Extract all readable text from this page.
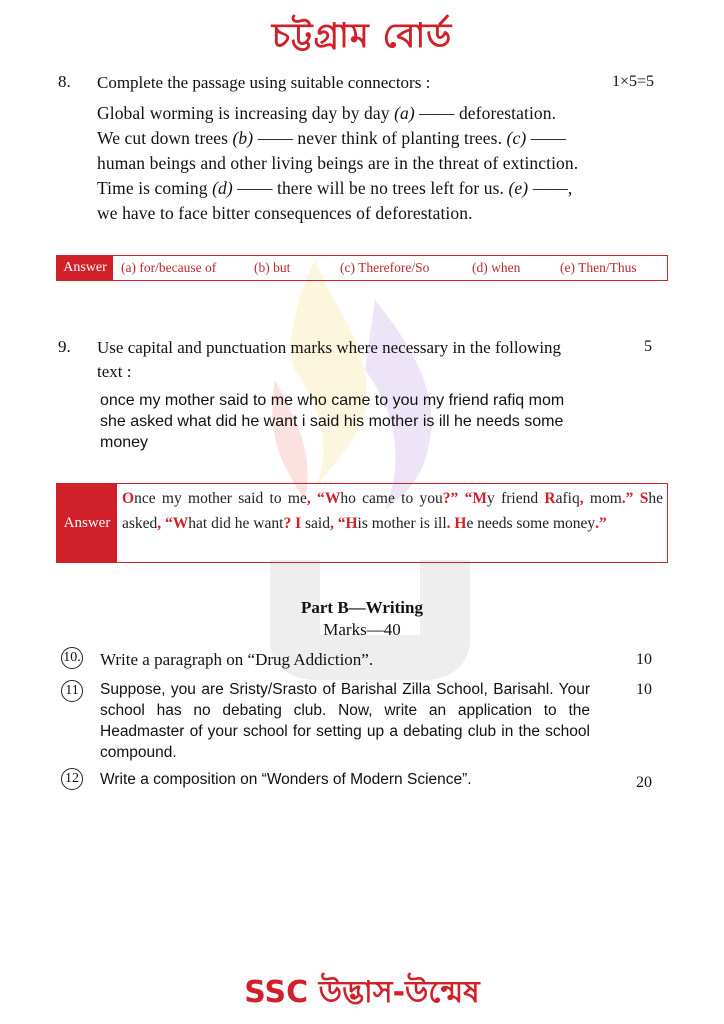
চট্টগ্রাম বোর্ড
8. Complete the passage using suitable connectors :	1×5=5
Global worming is increasing day by day (a) —— deforestation.
We cut down trees (b) —— never think of planting trees. (c) ——
human beings and other living beings are in the threat of extinction.
Time is coming (d) —— there will be no trees left for us. (e) ——,
we have to face bitter consequences of deforestation.
Answer	(a) for/because of	(b) but	(c) Therefore/So	(d) when	(e) Then/Thus
9. Use capital and punctuation marks where necessary in the following
text :
5
once my mother said to me who came to you my friend rafiq mom
she asked what did he want i said his mother is ill he needs some
money
Answer
Once my mother said to me, “Who came to you?” “My friend Rafiq, mom.” She asked, “What did he want? I said, “His mother is ill. He needs some money.”
Part B—Writing
Marks—40
10. Write a paragraph on “Drug Addiction”.	10
11 Suppose, you are Sristy/Srasto of Barishal Zilla School, Barisahl. Your school has no debating club. Now, write an application to the Headmaster of your school for setting up a debating club in the school compound.
10
12 Write a composition on “Wonders of Modern Science”.	20
SSC উদ্ভাস-উন্মেষ
